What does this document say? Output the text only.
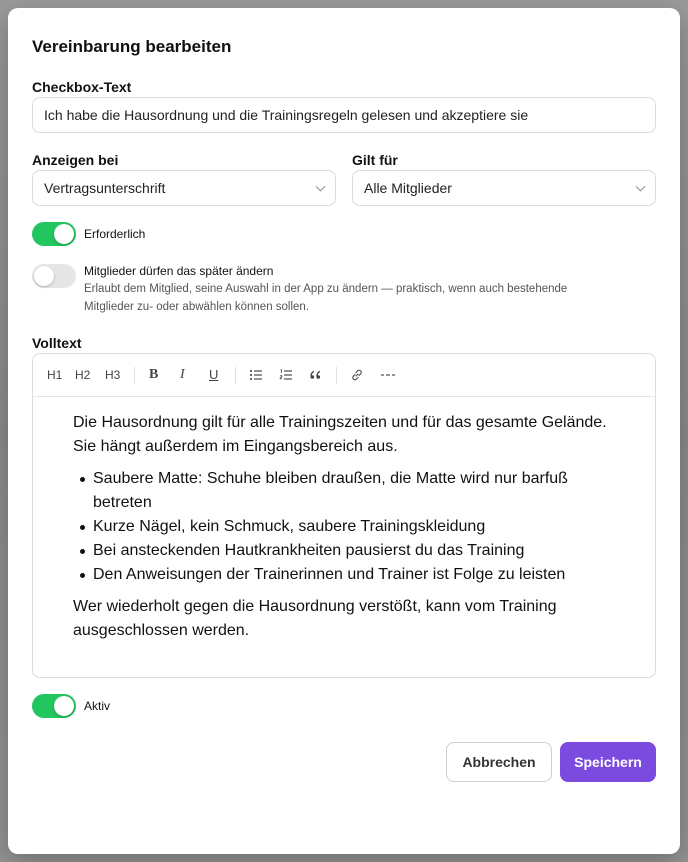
Vereinbarung bearbeiten
Checkbox-Text
Ich habe die Hausordnung und die Trainingsregeln gelesen und akzeptiere sie
Anzeigen bei
Vertragsunterschrift
Gilt für
Alle Mitglieder
Erforderlich
Mitglieder dürfen das später ändern
Erlaubt dem Mitglied, seine Auswahl in der App zu ändern — praktisch, wenn auch bestehende
Mitglieder zu- oder abwählen können sollen.
Volltext
H1 H2 H3 B I U

Die Hausordnung gilt für alle Trainingszeiten und für das gesamte Gelände.
Sie hängt außerdem im Eingangsbereich aus.

Saubere Matte: Schuhe bleiben draußen, die Matte wird nur barfuß
betreten
Kurze Nägel, kein Schmuck, saubere Trainingskleidung
Bei ansteckenden Hautkrankheiten pausierst du das Training
Den Anweisungen der Trainerinnen und Trainer ist Folge zu leisten

Wer wiederholt gegen die Hausordnung verstößt, kann vom Training
ausgeschlossen werden.

Aktiv
Abbrechen	Speichern
